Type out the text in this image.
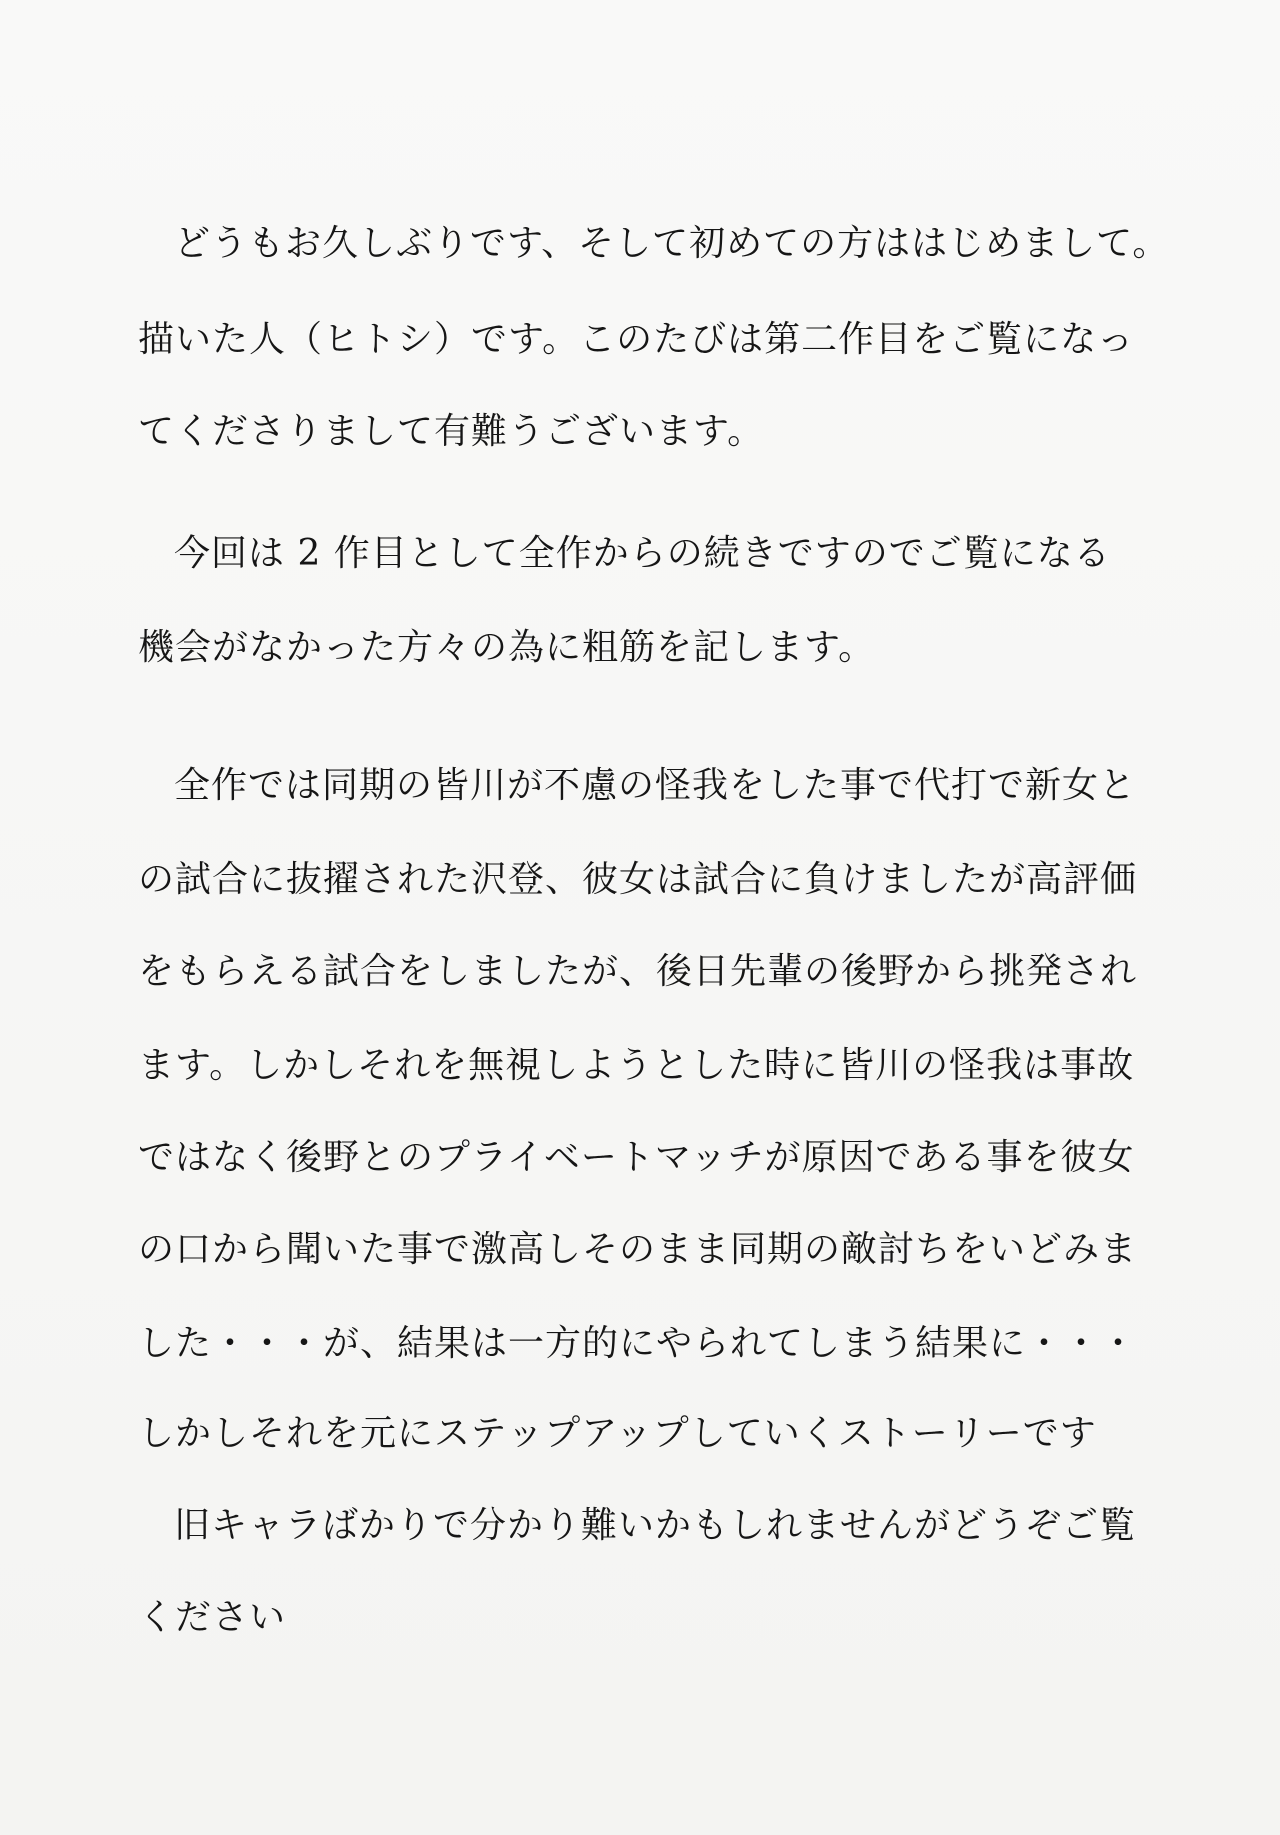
どうもお久しぶりです、そして初めての方ははじめまして。
描いた人（ヒトシ）です。このたびは第二作目をご覧になっ
てくださりまして有難うございます。
今回は 2 作目として全作からの続きですのでご覧になる
機会がなかった方々の為に粗筋を記します。
全作では同期の皆川が不慮の怪我をした事で代打で新女と
の試合に抜擢された沢登、彼女は試合に負けましたが高評価
をもらえる試合をしましたが、後日先輩の後野から挑発され
ます。しかしそれを無視しようとした時に皆川の怪我は事故
ではなく後野とのプライベートマッチが原因である事を彼女
の口から聞いた事で激高しそのまま同期の敵討ちをいどみま
した・・・が、結果は一方的にやられてしまう結果に・・・
しかしそれを元にステップアップしていくストーリーです
旧キャラばかりで分かり難いかもしれませんがどうぞご覧
ください
